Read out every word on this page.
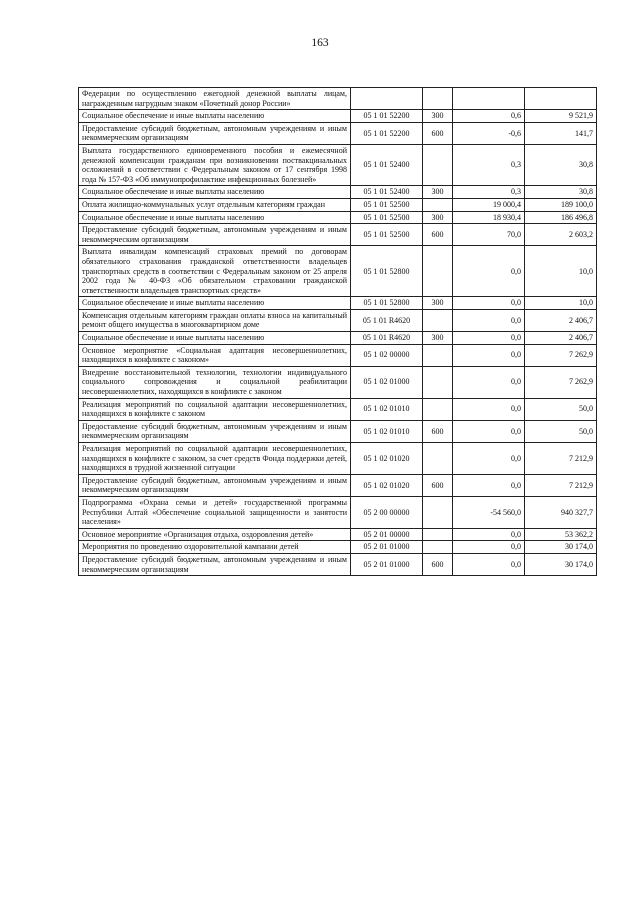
163
Федерации по осуществлению ежегодной денежной выплаты лицам, награжденным нагрудным знаком «Почетный донор России»				
Социальное обеспечение и иные выплаты населению	05 1 01 52200	300	0,6	9 521,9
Предоставление субсидий бюджетным, автономным учреждениям и иным некоммерческим организациям	05 1 01 52200	600	-0,6	141,7
Выплата государственного единовременного пособия и ежемесячной денежной компенсации гражданам при возникновении поствакцинальных осложнений в соответствии с Федеральным законом от 17 сентября 1998 года № 157-ФЗ «Об иммунопрофилактике инфекционных болезней»	05 1 01 52400		0,3	30,8
Социальное обеспечение и иные выплаты населению	05 1 01 52400	300	0,3	30,8
Оплата жилищно-коммунальных услуг отдельным категориям граждан	05 1 01 52500		19 000,4	189 100,0
Социальное обеспечение и иные выплаты населению	05 1 01 52500	300	18 930,4	186 496,8
Предоставление субсидий бюджетным, автономным учреждениям и иным некоммерческим организациям	05 1 01 52500	600	70,0	2 603,2
Выплата инвалидам компенсаций страховых премий по договорам обязательного страхования гражданской ответственности владельцев транспортных средств в соответствии с Федеральным законом от 25 апреля 2002 года № 40-ФЗ «Об обязательном страховании гражданской ответственности владельцев транспортных средств»	05 1 01 52800		0,0	10,0
Социальное обеспечение и иные выплаты населению	05 1 01 52800	300	0,0	10,0
Компенсация отдельным категориям граждан оплаты взноса на капитальный ремонт общего имущества в многоквартирном доме	05 1 01 R4620		0,0	2 406,7
Социальное обеспечение и иные выплаты населению	05 1 01 R4620	300	0,0	2 406,7
Основное мероприятие «Социальная адаптация несовершеннолетних, находящихся в конфликте с законом»	05 1 02 00000		0,0	7 262,9
Внедрение восстановительной технологии, технологии индивидуального социального сопровождения и социальной реабилитации несовершеннолетних, находящихся в конфликте с законом	05 1 02 01000		0,0	7 262,9
Реализация мероприятий по социальной адаптации несовершеннолетних, находящихся в конфликте с законом	05 1 02 01010		0,0	50,0
Предоставление субсидий бюджетным, автономным учреждениям и иным некоммерческим организациям	05 1 02 01010	600	0,0	50,0
Реализация мероприятий по социальной адаптации несовершеннолетних, находящихся в конфликте с законом, за счет средств Фонда поддержки детей, находящихся в трудной жизненной ситуации	05 1 02 01020		0,0	7 212,9
Предоставление субсидий бюджетным, автономным учреждениям и иным некоммерческим организациям	05 1 02 01020	600	0,0	7 212,9
Подпрограмма «Охрана семьи и детей» государственной программы Республики Алтай «Обеспечение социальной защищенности и занятости населения»	05 2 00 00000		-54 560,0	940 327,7
Основное мероприятие «Организация отдыха, оздоровления детей»	05 2 01 00000		0,0	53 362,2
Мероприятия по проведению оздоровительной кампании детей	05 2 01 01000		0,0	30 174,0
Предоставление субсидий бюджетным, автономным учреждениям и иным некоммерческим организациям	05 2 01 01000	600	0,0	30 174,0
